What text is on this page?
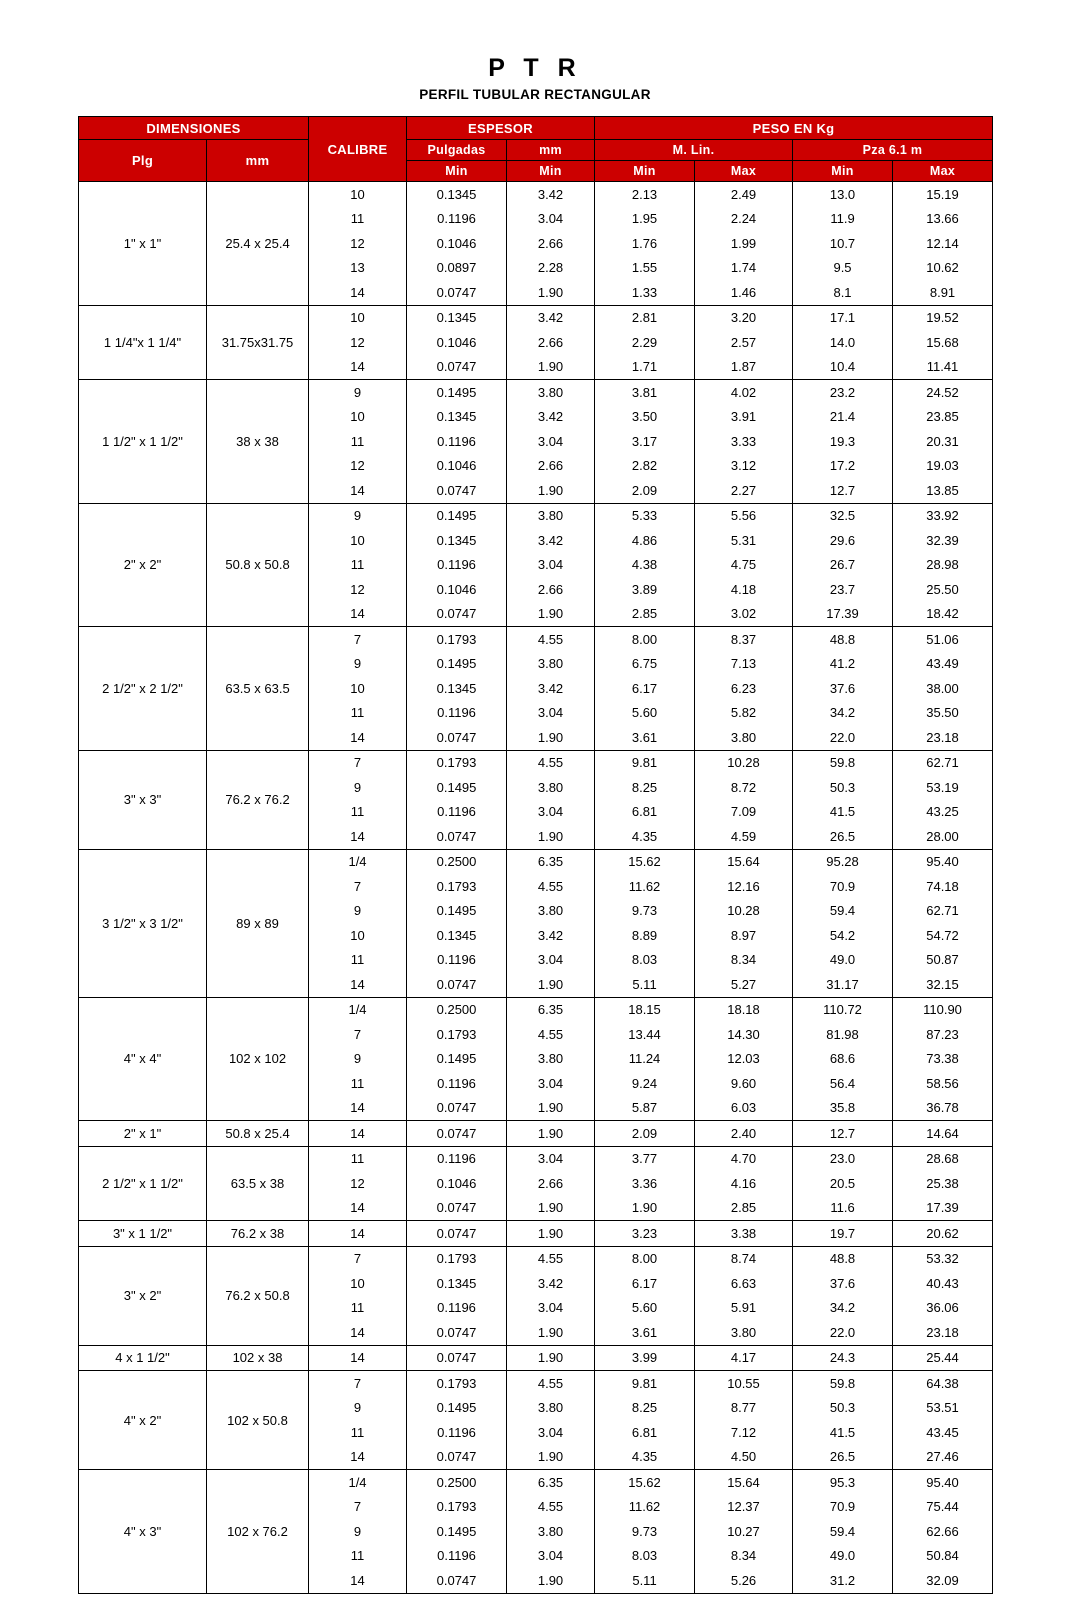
P T R
PERFIL TUBULAR RECTANGULAR
DIMENSIONES		CALIBRE	ESPESOR		PESO EN Kg			
Plg	mm		Pulgadas	mm	M. Lin.		Pza 6.1 m	
			Min	Min	Min	Max	Min	Max
1" x 1"	25.4 x 25.4	10	0.1345	3.42	2.13	2.49	13.0	15.19
		11	0.1196	3.04	1.95	2.24	11.9	13.66
		12	0.1046	2.66	1.76	1.99	10.7	12.14
		13	0.0897	2.28	1.55	1.74	9.5	10.62
		14	0.0747	1.90	1.33	1.46	8.1	8.91
1 1/4"x 1 1/4"	31.75x31.75	10	0.1345	3.42	2.81	3.20	17.1	19.52
		12	0.1046	2.66	2.29	2.57	14.0	15.68
		14	0.0747	1.90	1.71	1.87	10.4	11.41
1 1/2" x 1 1/2"	38 x 38	9	0.1495	3.80	3.81	4.02	23.2	24.52
		10	0.1345	3.42	3.50	3.91	21.4	23.85
		11	0.1196	3.04	3.17	3.33	19.3	20.31
		12	0.1046	2.66	2.82	3.12	17.2	19.03
		14	0.0747	1.90	2.09	2.27	12.7	13.85
2" x 2"	50.8 x 50.8	9	0.1495	3.80	5.33	5.56	32.5	33.92
		10	0.1345	3.42	4.86	5.31	29.6	32.39
		11	0.1196	3.04	4.38	4.75	26.7	28.98
		12	0.1046	2.66	3.89	4.18	23.7	25.50
		14	0.0747	1.90	2.85	3.02	17.39	18.42
2 1/2" x 2 1/2"	63.5 x 63.5	7	0.1793	4.55	8.00	8.37	48.8	51.06
		9	0.1495	3.80	6.75	7.13	41.2	43.49
		10	0.1345	3.42	6.17	6.23	37.6	38.00
		11	0.1196	3.04	5.60	5.82	34.2	35.50
		14	0.0747	1.90	3.61	3.80	22.0	23.18
3" x 3"	76.2 x 76.2	7	0.1793	4.55	9.81	10.28	59.8	62.71
		9	0.1495	3.80	8.25	8.72	50.3	53.19
		11	0.1196	3.04	6.81	7.09	41.5	43.25
		14	0.0747	1.90	4.35	4.59	26.5	28.00
3 1/2" x 3 1/2"	89 x 89	1/4	0.2500	6.35	15.62	15.64	95.28	95.40
		7	0.1793	4.55	11.62	12.16	70.9	74.18
		9	0.1495	3.80	9.73	10.28	59.4	62.71
		10	0.1345	3.42	8.89	8.97	54.2	54.72
		11	0.1196	3.04	8.03	8.34	49.0	50.87
		14	0.0747	1.90	5.11	5.27	31.17	32.15
4" x 4"	102 x 102	1/4	0.2500	6.35	18.15	18.18	110.72	110.90
		7	0.1793	4.55	13.44	14.30	81.98	87.23
		9	0.1495	3.80	11.24	12.03	68.6	73.38
		11	0.1196	3.04	9.24	9.60	56.4	58.56
		14	0.0747	1.90	5.87	6.03	35.8	36.78
2" x 1"	50.8 x 25.4	14	0.0747	1.90	2.09	2.40	12.7	14.64
2 1/2" x 1 1/2"	63.5 x 38	11	0.1196	3.04	3.77	4.70	23.0	28.68
		12	0.1046	2.66	3.36	4.16	20.5	25.38
		14	0.0747	1.90	1.90	2.85	11.6	17.39
3" x 1 1/2"	76.2 x 38	14	0.0747	1.90	3.23	3.38	19.7	20.62
3" x 2"	76.2 x 50.8	7	0.1793	4.55	8.00	8.74	48.8	53.32
		10	0.1345	3.42	6.17	6.63	37.6	40.43
		11	0.1196	3.04	5.60	5.91	34.2	36.06
		14	0.0747	1.90	3.61	3.80	22.0	23.18
4 x 1 1/2"	102 x 38	14	0.0747	1.90	3.99	4.17	24.3	25.44
4" x 2"	102 x 50.8	7	0.1793	4.55	9.81	10.55	59.8	64.38
		9	0.1495	3.80	8.25	8.77	50.3	53.51
		11	0.1196	3.04	6.81	7.12	41.5	43.45
		14	0.0747	1.90	4.35	4.50	26.5	27.46
4" x 3"	102 x 76.2	1/4	0.2500	6.35	15.62	15.64	95.3	95.40
		7	0.1793	4.55	11.62	12.37	70.9	75.44
		9	0.1495	3.80	9.73	10.27	59.4	62.66
		11	0.1196	3.04	8.03	8.34	49.0	50.84
		14	0.0747	1.90	5.11	5.26	31.2	32.09
